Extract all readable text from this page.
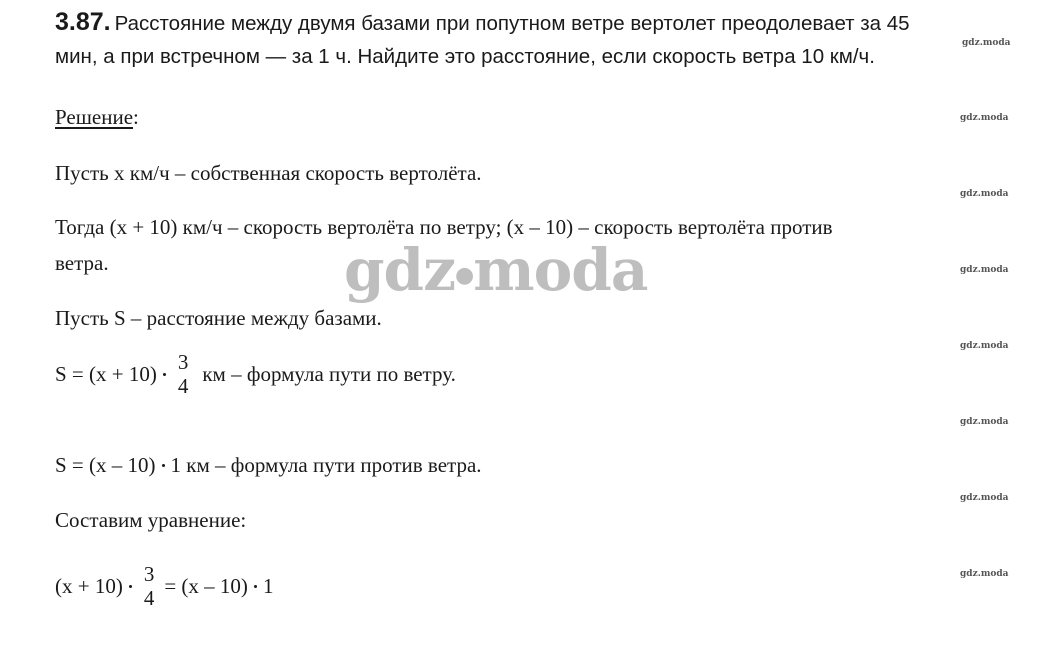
3.87. Расстояние между двумя базами при попутном ветре вертолет преодолевает за 45
мин, а при встречном — за 1 ч. Найдите это расстояние, если скорость ветра 10 км/ч.
gdz.moda
gdz.moda
gdz.moda
gdz.moda
gdz.moda
gdz.moda
gdz.moda
gdz.moda
gdz●moda
Решение:
Пусть х км/ч – собственная скорость вертолёта.
Тогда (х + 10) км/ч – скорость вертолёта по ветру; (х – 10) – скорость вертолёта против
ветра.
Пусть S – расстояние между базами.
S = (x + 10) 3
4 км – формула пути по ветру.
S = (x – 10) 1 км – формула пути против ветра.
Составим уравнение:
(x + 10) 3
4 = (x – 10) 1
